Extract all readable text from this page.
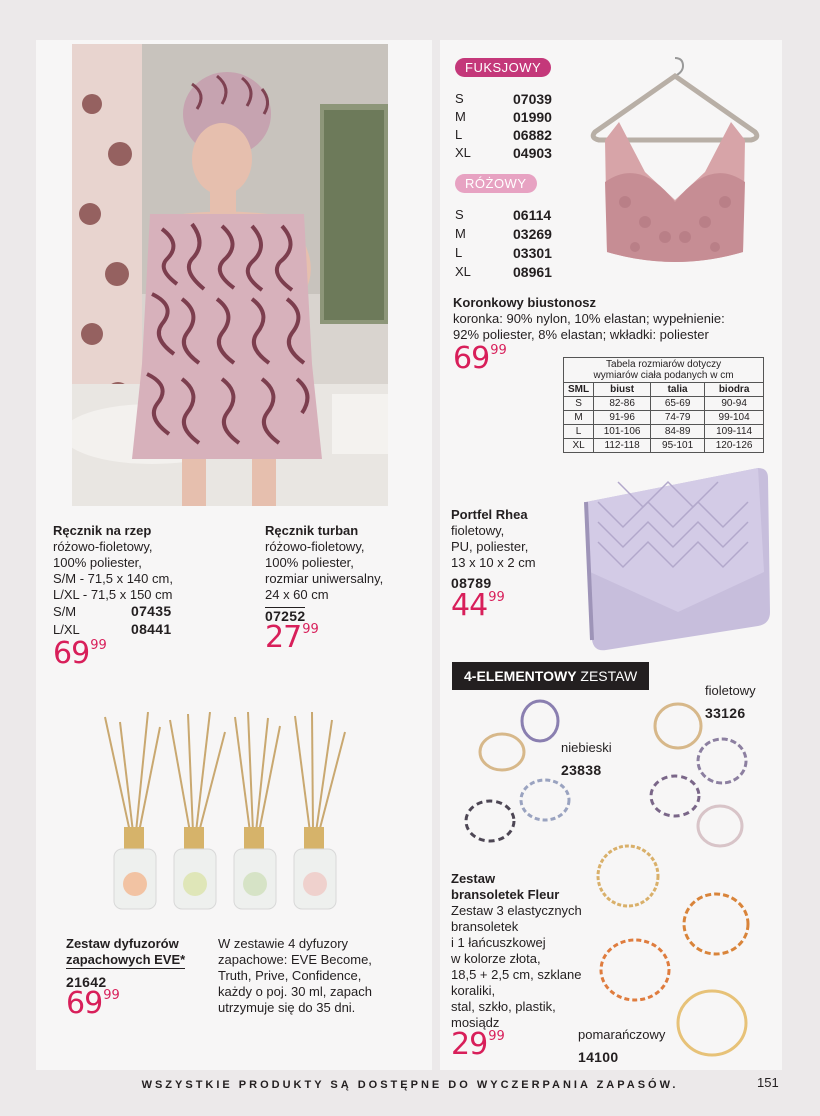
Ręcznik na rzep
różowo-fioletowy,
100% poliester,
S/M - 71,5 x 140 cm,
L/XL - 71,5 x 150 cm
S/M	07435
L/XL	08441
$69^{99}$
Ręcznik turban
różowo-fioletowy,
100% poliester,
rozmiar uniwersalny,
24 x 60 cm
07252
$27^{99}$
Zestaw dyfuzorów
zapachowych EVE*
21642
$69^{99}$
W zestawie 4 dyfuzory
zapachowe: EVE Become,
Truth, Prive, Confidence,
każdy o poj. 30 ml, zapach
utrzymuje się do 35 dni.
FUKSJOWY
S	07039
M	01990
L	06882
XL	04903
RÓŻOWY
S	06114
M	03269
L	03301
XL	08961
Koronkowy biustonosz
koronka: 90% nylon, 10% elastan; wypełnienie:
92% poliester, 8% elastan; wkładki: poliester
$69^{99}$
Tabela rozmiarów dotyczy
wymiarów ciała podanych w cm			

SML	biust	talia	biodra
S	82-86	65-69	90-94
M	91-96	74-79	99-104
L	101-106	84-89	109-114
XL	112-118	95-101	120-126
Portfel Rhea
fioletowy,
PU, poliester,
13 x 10 x 2 cm
08789
$44^{99}$
4-ELEMENTOWY ZESTAW
fioletowy
33126
niebieski
23838
pomarańczowy
14100
Zestaw
bransoletek Fleur
Zestaw 3 elastycznych
bransoletek
i 1 łańcuszkowej
w kolorze złota,
18,5 + 2,5 cm, szklane
koraliki,
stal, szkło, plastik,
mosiądz
$29^{99}$
WSZYSTKIE PRODUKTY SĄ DOSTĘPNE DO WYCZERPANIA ZAPASÓW.	151
